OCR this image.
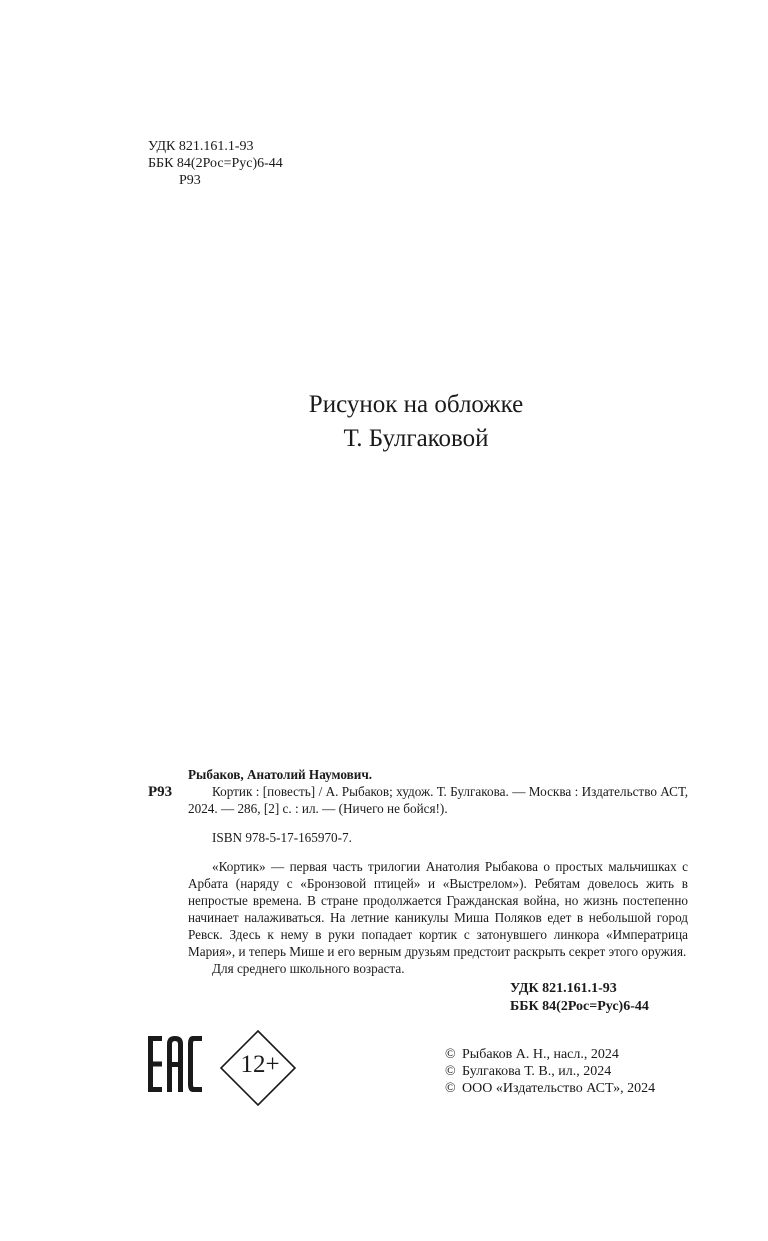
УДК 821.161.1-93
ББК 84(2Рос=Рус)6-44
Р93
Рисунок на обложке
Т. Булгаковой
Р93

Рыбаков, Анатолий Наумович.

Кортик : [повесть] / А. Рыбаков; худож. Т. Булгакова. — Москва : Издательство АСТ, 2024. — 286, [2] с. : ил. — (Ничего не бойся!).

ISBN 978-5-17-165970-7.

«Кортик» — первая часть трилогии Анатолия Рыбакова о простых мальчишках с Арбата (наряду с «Бронзовой птицей» и «Выстрелом»). Ребятам довелось жить в непростые времена. В стране продолжается Гражданская война, но жизнь постепенно начинает налаживаться. На летние каникулы Миша Поляков едет в небольшой город Ревск. Здесь к нему в руки попадает кортик с затонувшего линкора «Императрица Мария», и теперь Мише и его верным друзьям предстоит раскрыть секрет этого оружия.

Для среднего школьного возраста.

УДК 821.161.1-93
ББК 84(2Рос=Рус)6-44
12+	© Рыбаков А. Н., насл., 2024
© Булгакова Т. В., ил., 2024
© ООО «Издательство АСТ», 2024
